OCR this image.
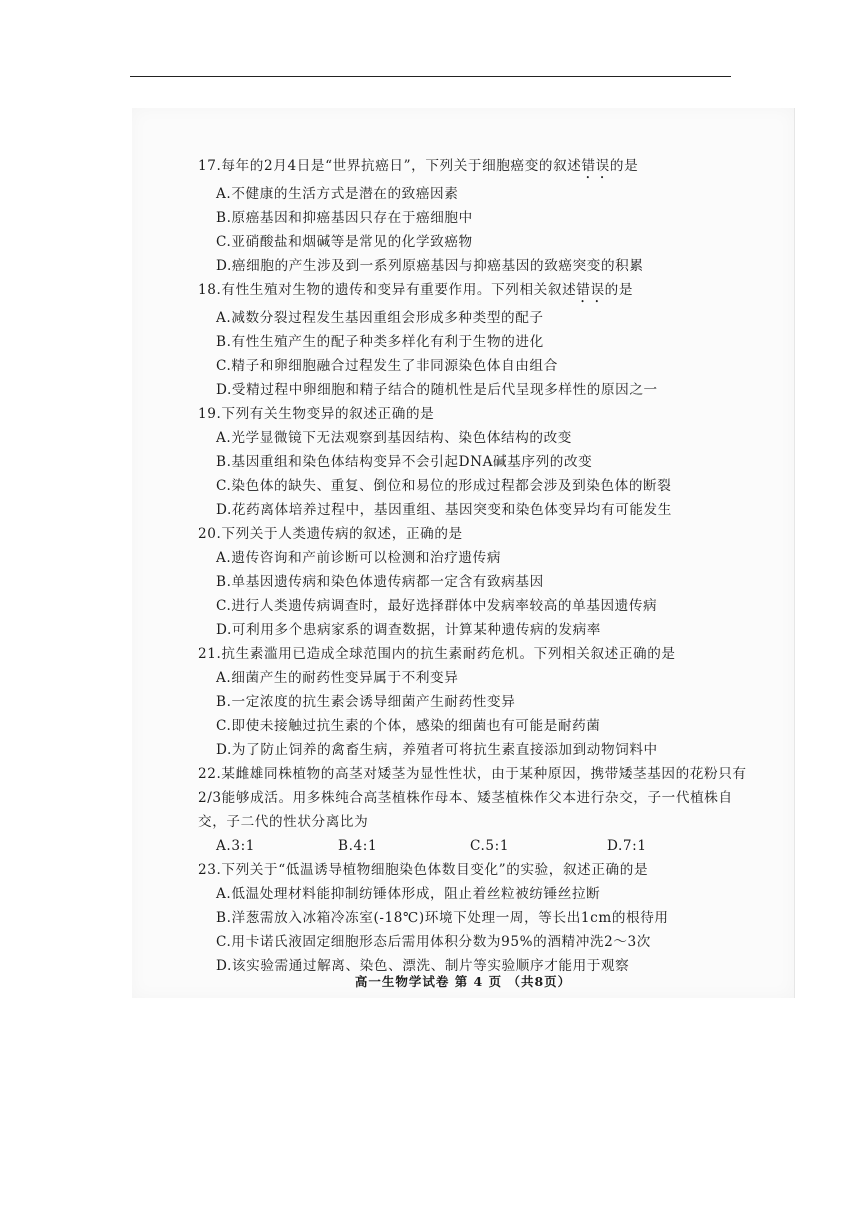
17.每年的2月4日是“世界抗癌日”，下列关于细胞癌变的叙述错误的是
A.不健康的生活方式是潜在的致癌因素
B.原癌基因和抑癌基因只存在于癌细胞中
C.亚硝酸盐和烟碱等是常见的化学致癌物
D.癌细胞的产生涉及到一系列原癌基因与抑癌基因的致癌突变的积累
18.有性生殖对生物的遗传和变异有重要作用。下列相关叙述错误的是
A.减数分裂过程发生基因重组会形成多种类型的配子
B.有性生殖产生的配子种类多样化有利于生物的进化
C.精子和卵细胞融合过程发生了非同源染色体自由组合
D.受精过程中卵细胞和精子结合的随机性是后代呈现多样性的原因之一
19.下列有关生物变异的叙述正确的是
A.光学显微镜下无法观察到基因结构、染色体结构的改变
B.基因重组和染色体结构变异不会引起DNA碱基序列的改变
C.染色体的缺失、重复、倒位和易位的形成过程都会涉及到染色体的断裂
D.花药离体培养过程中，基因重组、基因突变和染色体变异均有可能发生
20.下列关于人类遗传病的叙述，正确的是
A.遗传咨询和产前诊断可以检测和治疗遗传病
B.单基因遗传病和染色体遗传病都一定含有致病基因
C.进行人类遗传病调查时，最好选择群体中发病率较高的单基因遗传病
D.可利用多个患病家系的调查数据，计算某种遗传病的发病率
21.抗生素滥用已造成全球范围内的抗生素耐药危机。下列相关叙述正确的是
A.细菌产生的耐药性变异属于不利变异
B.一定浓度的抗生素会诱导细菌产生耐药性变异
C.即使未接触过抗生素的个体，感染的细菌也有可能是耐药菌
D.为了防止饲养的禽畜生病，养殖者可将抗生素直接添加到动物饲料中
22.某雌雄同株植物的高茎对矮茎为显性性状，由于某种原因，携带矮茎基因的花粉只有
2/3能够成活。用多株纯合高茎植株作母本、矮茎植株作父本进行杂交，子一代植株自
交，子二代的性状分离比为
A.3:1	B.4:1	C.5:1	D.7:1
23.下列关于“低温诱导植物细胞染色体数目变化”的实验，叙述正确的是
A.低温处理材料能抑制纺锤体形成，阻止着丝粒被纺锤丝拉断
B.洋葱需放入冰箱冷冻室(-18℃)环境下处理一周，等长出1cm的根待用
C.用卡诺氏液固定细胞形态后需用体积分数为95%的酒精冲洗2～3次
D.该实验需通过解离、染色、漂洗、制片等实验顺序才能用于观察
高一生物学试卷 第 4 页 （共8页）
